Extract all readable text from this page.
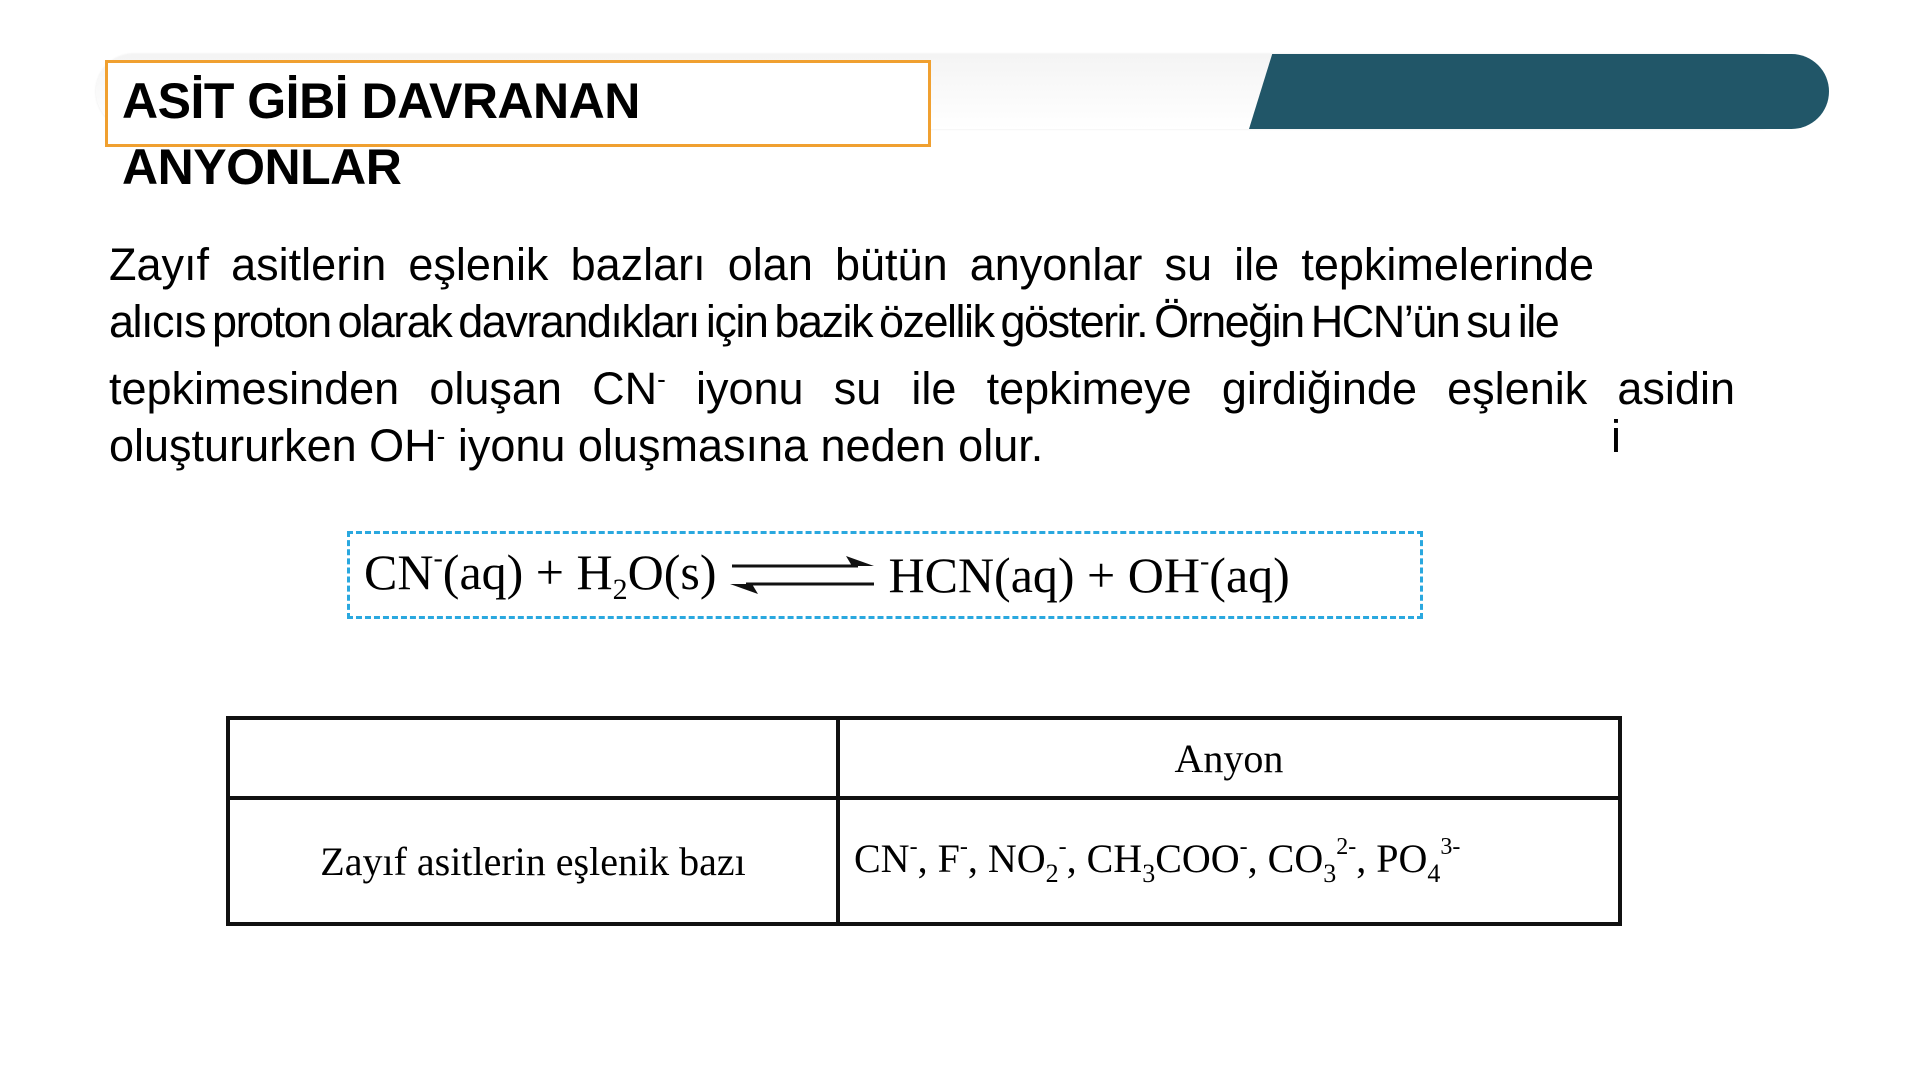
ASİT GİBİ DAVRANAN
ANYONLAR
Zayıf asitlerin eşlenik bazları olan bütün anyonlar su ile tepkimelerinde
alıcıs proton olarak davrandıkları için bazik özellik gösterir. Örneğin HCN’ün su ile
tepkimesinden oluşan CN- iyonu su ile tepkimeye girdiğinde eşlenik asidin
oluştururken OH- iyonu oluşmasına neden olur.	i
$CN^-(aq) + H_2O(s)$ ⇌ HCN(aq) + OH-(aq)
	Anyon
Zayıf asitlerin eşlenik bazı	CN-, F-, $NO_2^-$, $CH_3COO^-$, $CO_3^{2-}$, $PO_4^{3-}$
